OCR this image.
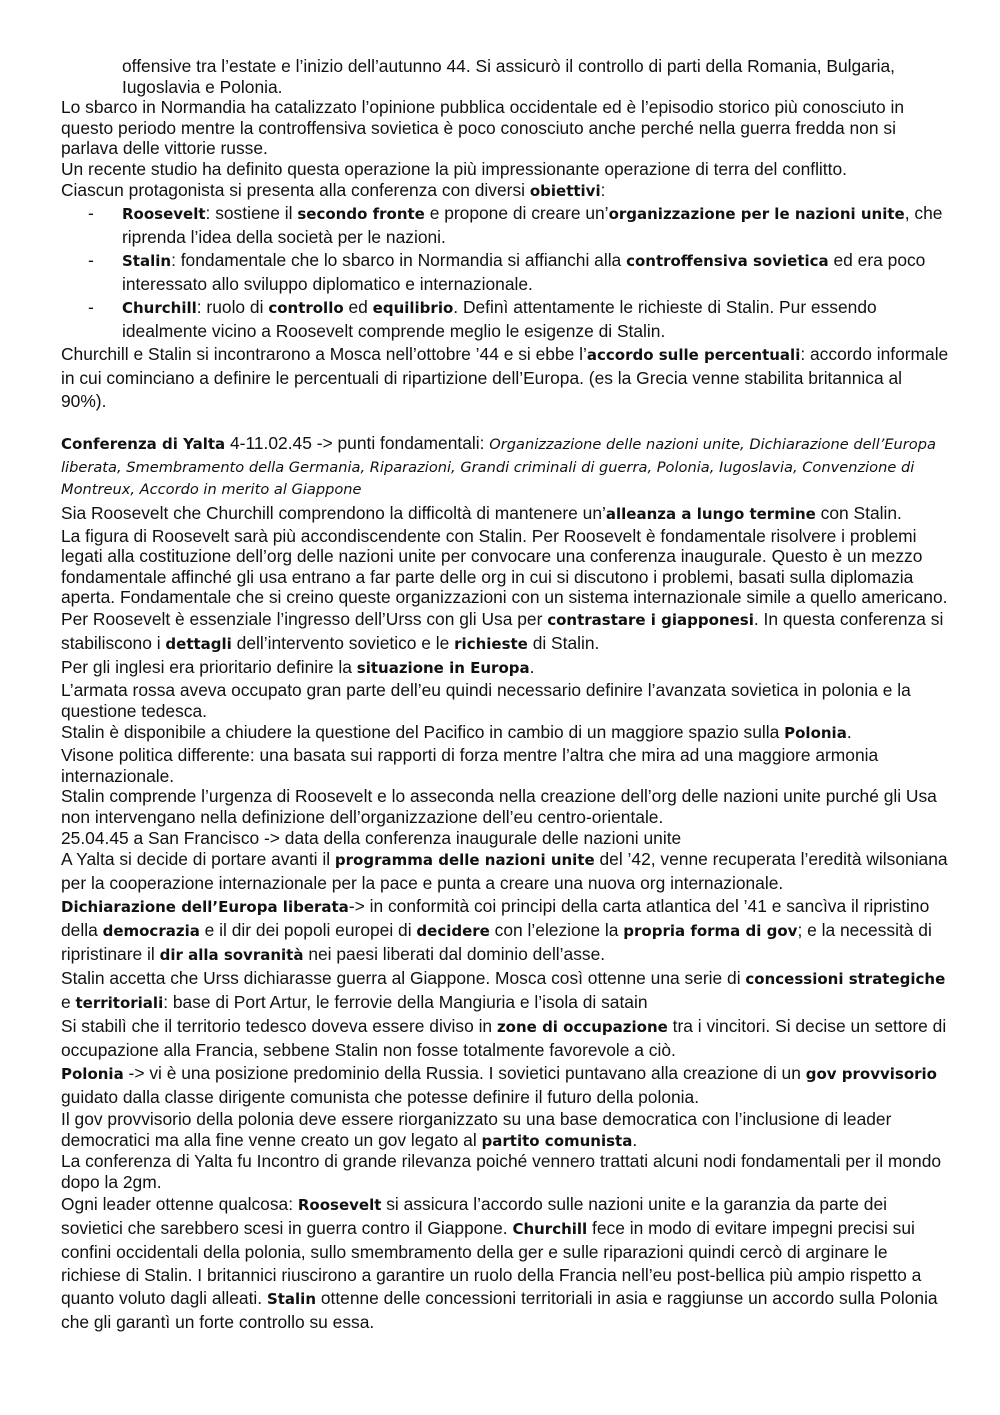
offensive tra l’estate e l’inizio dell’autunno 44. Si assicurò il controllo di parti della Romania, Bulgaria, Iugoslavia e Polonia.

Lo sbarco in Normandia ha catalizzato l’opinione pubblica occidentale ed è l’episodio storico più conosciuto in questo periodo mentre la controffensiva sovietica è poco conosciuto anche perché nella guerra fredda non si parlava delle vittorie russe.

Un recente studio ha definito questa operazione la più impressionante operazione di terra del conflitto.

Ciascun protagonista si presenta alla conferenza con diversi obiettivi:

- Roosevelt: sostiene il secondo fronte e propone di creare un’organizzazione per le nazioni unite, che riprenda l’idea della società per le nazioni.
- Stalin: fondamentale che lo sbarco in Normandia si affianchi alla controffensiva sovietica ed era poco interessato allo sviluppo diplomatico e internazionale.
- Churchill: ruolo di controllo ed equilibrio. Definì attentamente le richieste di Stalin. Pur essendo idealmente vicino a Roosevelt comprende meglio le esigenze di Stalin.

Churchill e Stalin si incontrarono a Mosca nell’ottobre ’44 e si ebbe l’accordo sulle percentuali: accordo informale in cui cominciano a definire le percentuali di ripartizione dell’Europa. (es la Grecia venne stabilita britannica al 90%).

Conferenza di Yalta 4-11.02.45 -> punti fondamentali: Organizzazione delle nazioni unite, Dichiarazione dell’Europa liberata, Smembramento della Germania, Riparazioni, Grandi criminali di guerra, Polonia, Iugoslavia, Convenzione di Montreux, Accordo in merito al Giappone

Sia Roosevelt che Churchill comprendono la difficoltà di mantenere un’alleanza a lungo termine con Stalin.

La figura di Roosevelt sarà più accondiscendente con Stalin. Per Roosevelt è fondamentale risolvere i problemi legati alla costituzione dell’org delle nazioni unite per convocare una conferenza inaugurale. Questo è un mezzo fondamentale affinché gli usa entrano a far parte delle org in cui si discutono i problemi, basati sulla diplomazia aperta. Fondamentale che si creino queste organizzazioni con un sistema internazionale simile a quello americano.

Per Roosevelt è essenziale l’ingresso dell’Urss con gli Usa per contrastare i giapponesi. In questa conferenza si stabiliscono i dettagli dell’intervento sovietico e le richieste di Stalin.

Per gli inglesi era prioritario definire la situazione in Europa.

L’armata rossa aveva occupato gran parte dell’eu quindi necessario definire l’avanzata sovietica in polonia e la questione tedesca.

Stalin è disponibile a chiudere la questione del Pacifico in cambio di un maggiore spazio sulla Polonia.

Visone politica differente: una basata sui rapporti di forza mentre l’altra che mira ad una maggiore armonia internazionale.

Stalin comprende l’urgenza di Roosevelt e lo asseconda nella creazione dell’org delle nazioni unite purché gli Usa non intervengano nella definizione dell’organizzazione dell’eu centro-orientale.

25.04.45 a San Francisco -> data della conferenza inaugurale delle nazioni unite

A Yalta si decide di portare avanti il programma delle nazioni unite del ’42, venne recuperata l’eredità wilsoniana per la cooperazione internazionale per la pace e punta a creare una nuova org internazionale.

Dichiarazione dell’Europa liberata-> in conformità coi principi della carta atlantica del ’41 e sancìva il ripristino della democrazia e il dir dei popoli europei di decidere con l’elezione la propria forma di gov; e la necessità di ripristinare il dir alla sovranità nei paesi liberati dal dominio dell’asse.

Stalin accetta che Urss dichiarasse guerra al Giappone. Mosca così ottenne una serie di concessioni strategiche e territoriali: base di Port Artur, le ferrovie della Mangiuria e l’isola di satain

Si stabilì che il territorio tedesco doveva essere diviso in zone di occupazione tra i vincitori. Si decise un settore di occupazione alla Francia, sebbene Stalin non fosse totalmente favorevole a ciò.

Polonia -> vi è una posizione predominio della Russia. I sovietici puntavano alla creazione di un gov provvisorio guidato dalla classe dirigente comunista che potesse definire il futuro della polonia.

Il gov provvisorio della polonia deve essere riorganizzato su una base democratica con l’inclusione di leader democratici ma alla fine venne creato un gov legato al partito comunista.

La conferenza di Yalta fu Incontro di grande rilevanza poiché vennero trattati alcuni nodi fondamentali per il mondo dopo la 2gm.

Ogni leader ottenne qualcosa: Roosevelt si assicura l’accordo sulle nazioni unite e la garanzia da parte dei sovietici che sarebbero scesi in guerra contro il Giappone. Churchill fece in modo di evitare impegni precisi sui confini occidentali della polonia, sullo smembramento della ger e sulle riparazioni quindi cercò di arginare le richiese di Stalin. I britannici riuscirono a garantire un ruolo della Francia nell’eu post-bellica più ampio rispetto a quanto voluto dagli alleati. Stalin ottenne delle concessioni territoriali in asia e raggiunse un accordo sulla Polonia che gli garantì un forte controllo su essa.
